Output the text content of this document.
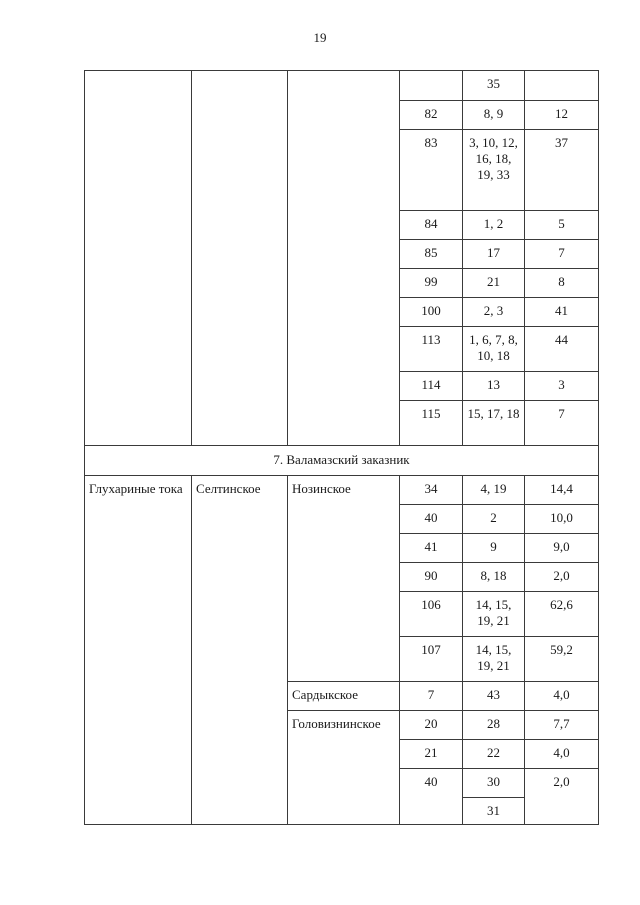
19
				35	
			82	8, 9	12
			83	3, 10, 12, 16, 18, 19, 33	37
			84	1, 2	5
			85	17	7
			99	21	8
			100	2, 3	41
			113	1, 6, 7, 8, 10, 18	44
			114	13	3
			115	15, 17, 18	7
7. Валамазский заказник					
Глухариные тока	Селтинское	Нозинское	34	4, 19	14,4
			40	2	10,0
			41	9	9,0
			90	8, 18	2,0
			106	14, 15, 19, 21	62,6
			107	14, 15, 19, 21	59,2
		Сардыкское	7	43	4,0
		Головизнинское	20	28	7,7
			21	22	4,0
			40	30	2,0
				31	
